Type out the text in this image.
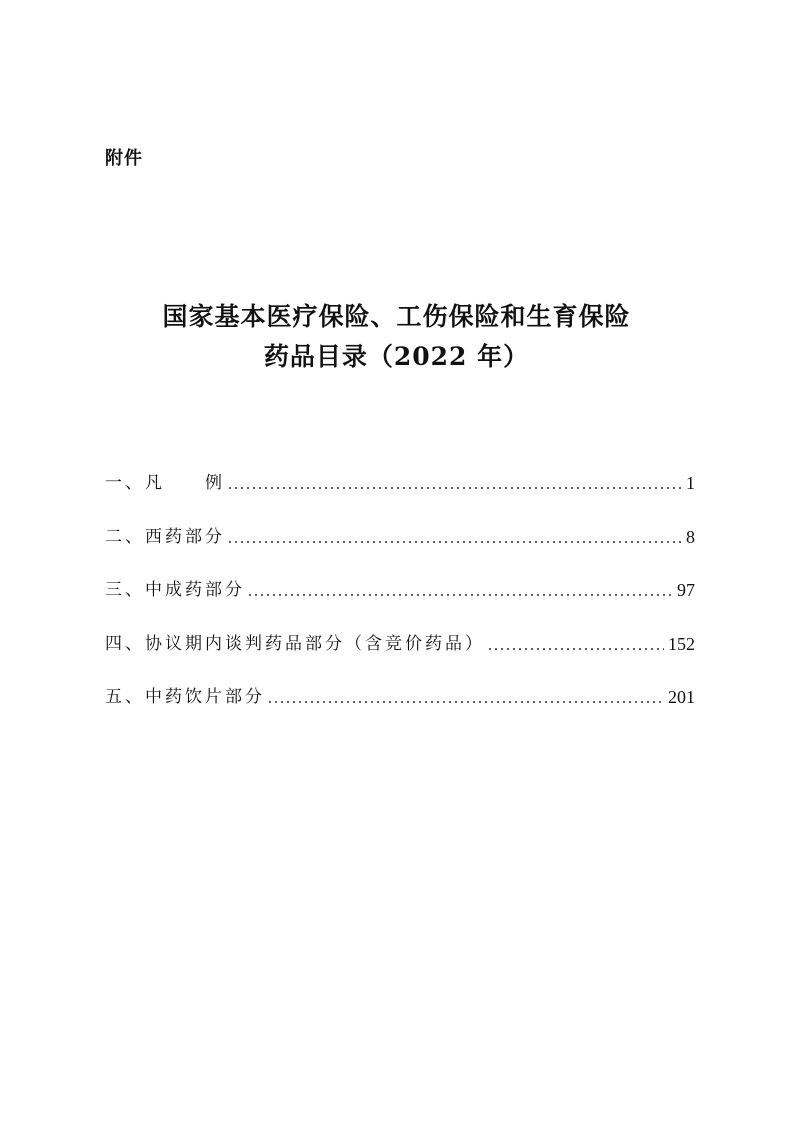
附件
国家基本医疗保险、工伤保险和生育保险
药品目录（2022 年）
一、凡　　例	1
二、西药部分	8
三、中成药部分	97
四、协议期内谈判药品部分（含竞价药品）	152
五、中药饮片部分	201
